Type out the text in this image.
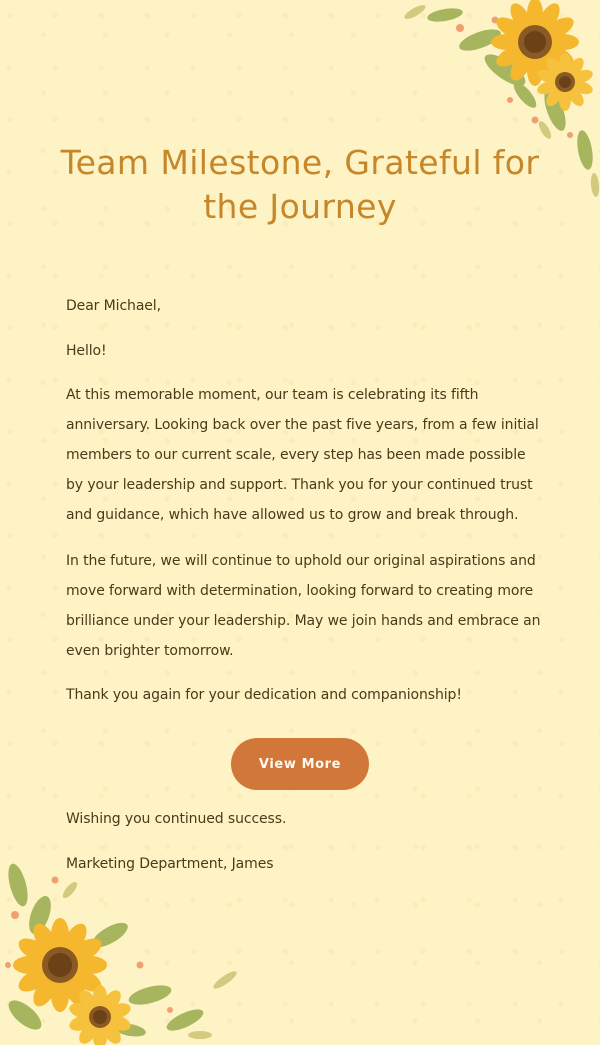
Team Milestone, Grateful for the Journey

Dear Michael,

Hello!

At this memorable moment, our team is celebrating its fifth anniversary. Looking back over the past five years, from a few initial members to our current scale, every step has been made possible by your leadership and support. Thank you for your continued trust and guidance, which have allowed us to grow and break through.

In the future, we will continue to uphold our original aspirations and move forward with determination, looking forward to creating more brilliance under your leadership. May we join hands and embrace an even brighter tomorrow.

Thank you again for your dedication and companionship!

Wishing you continued success.

Marketing Department, James

View More
